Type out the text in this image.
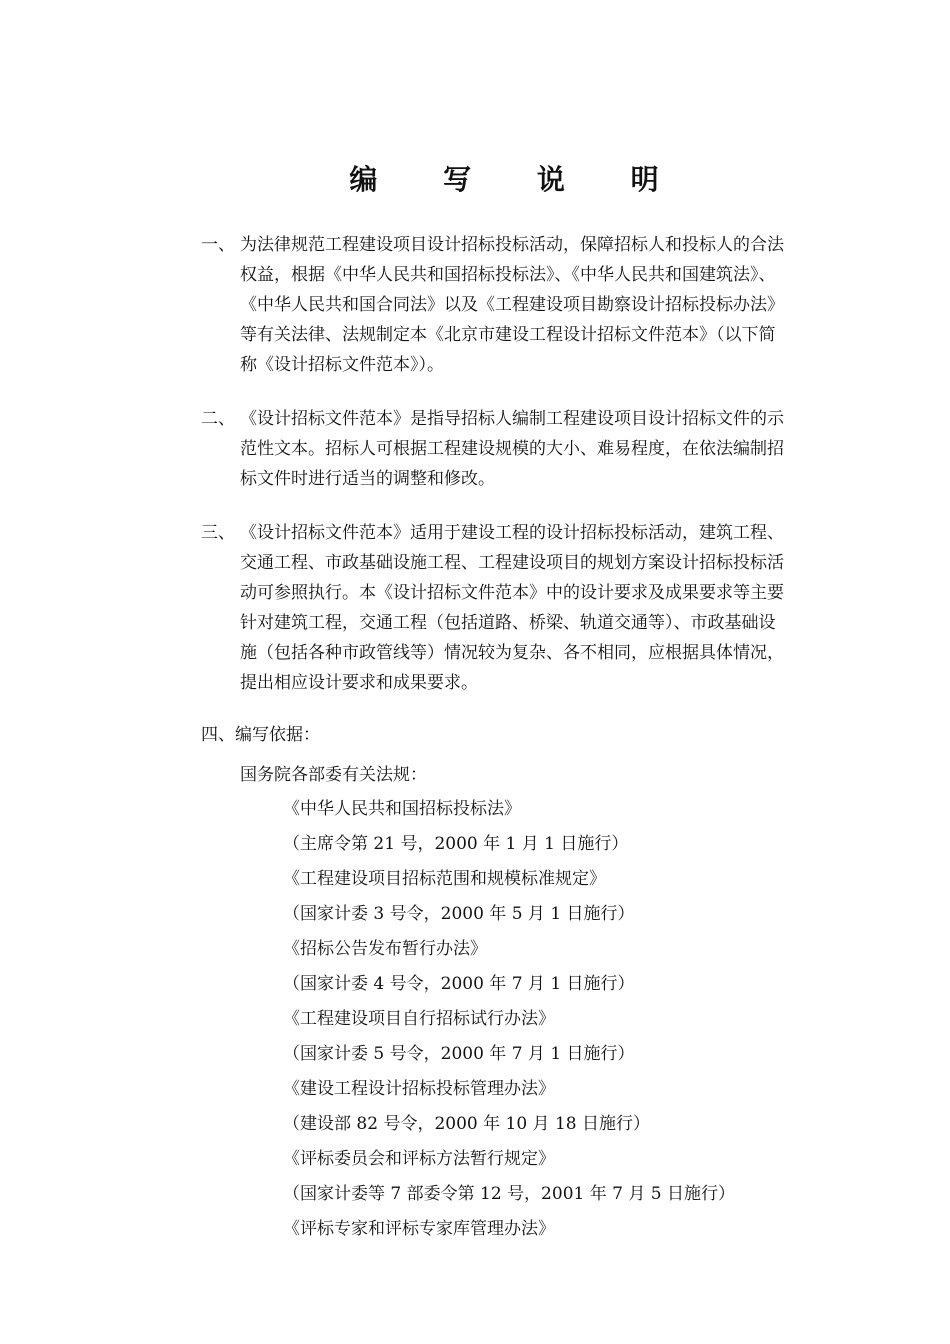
编 写 说 明
一、 为法律规范工程建设项目设计招标投标活动，保障招标人和投标人的合法
权益，根据《中华人民共和国招标投标法》、《中华人民共和国建筑法》、
《中华人民共和国合同法》以及《工程建设项目勘察设计招标投标办法》
等有关法律、法规制定本《北京市建设工程设计招标文件范本》（以下简
称《设计招标文件范本》）。
二、 《设计招标文件范本》是指导招标人编制工程建设项目设计招标文件的示
范性文本。招标人可根据工程建设规模的大小、难易程度，在依法编制招
标文件时进行适当的调整和修改。
三、 《设计招标文件范本》适用于建设工程的设计招标投标活动，建筑工程、
交通工程、市政基础设施工程、工程建设项目的规划方案设计招标投标活
动可参照执行。本《设计招标文件范本》中的设计要求及成果要求等主要
针对建筑工程，交通工程（包括道路、桥梁、轨道交通等）、市政基础设
施（包括各种市政管线等）情况较为复杂、各不相同，应根据具体情况，
提出相应设计要求和成果要求。
四、编写依据：
国务院各部委有关法规：
《中华人民共和国招标投标法》
（主席令第 21 号，2000 年 1 月 1 日施行）
《工程建设项目招标范围和规模标准规定》
（国家计委 3 号令，2000 年 5 月 1 日施行）
《招标公告发布暂行办法》
（国家计委 4 号令，2000 年 7 月 1 日施行）
《工程建设项目自行招标试行办法》
（国家计委 5 号令，2000 年 7 月 1 日施行）
《建设工程设计招标投标管理办法》
（建设部 82 号令，2000 年 10 月 18 日施行）
《评标委员会和评标方法暂行规定》
（国家计委等 7 部委令第 12 号，2001 年 7 月 5 日施行）
《评标专家和评标专家库管理办法》
